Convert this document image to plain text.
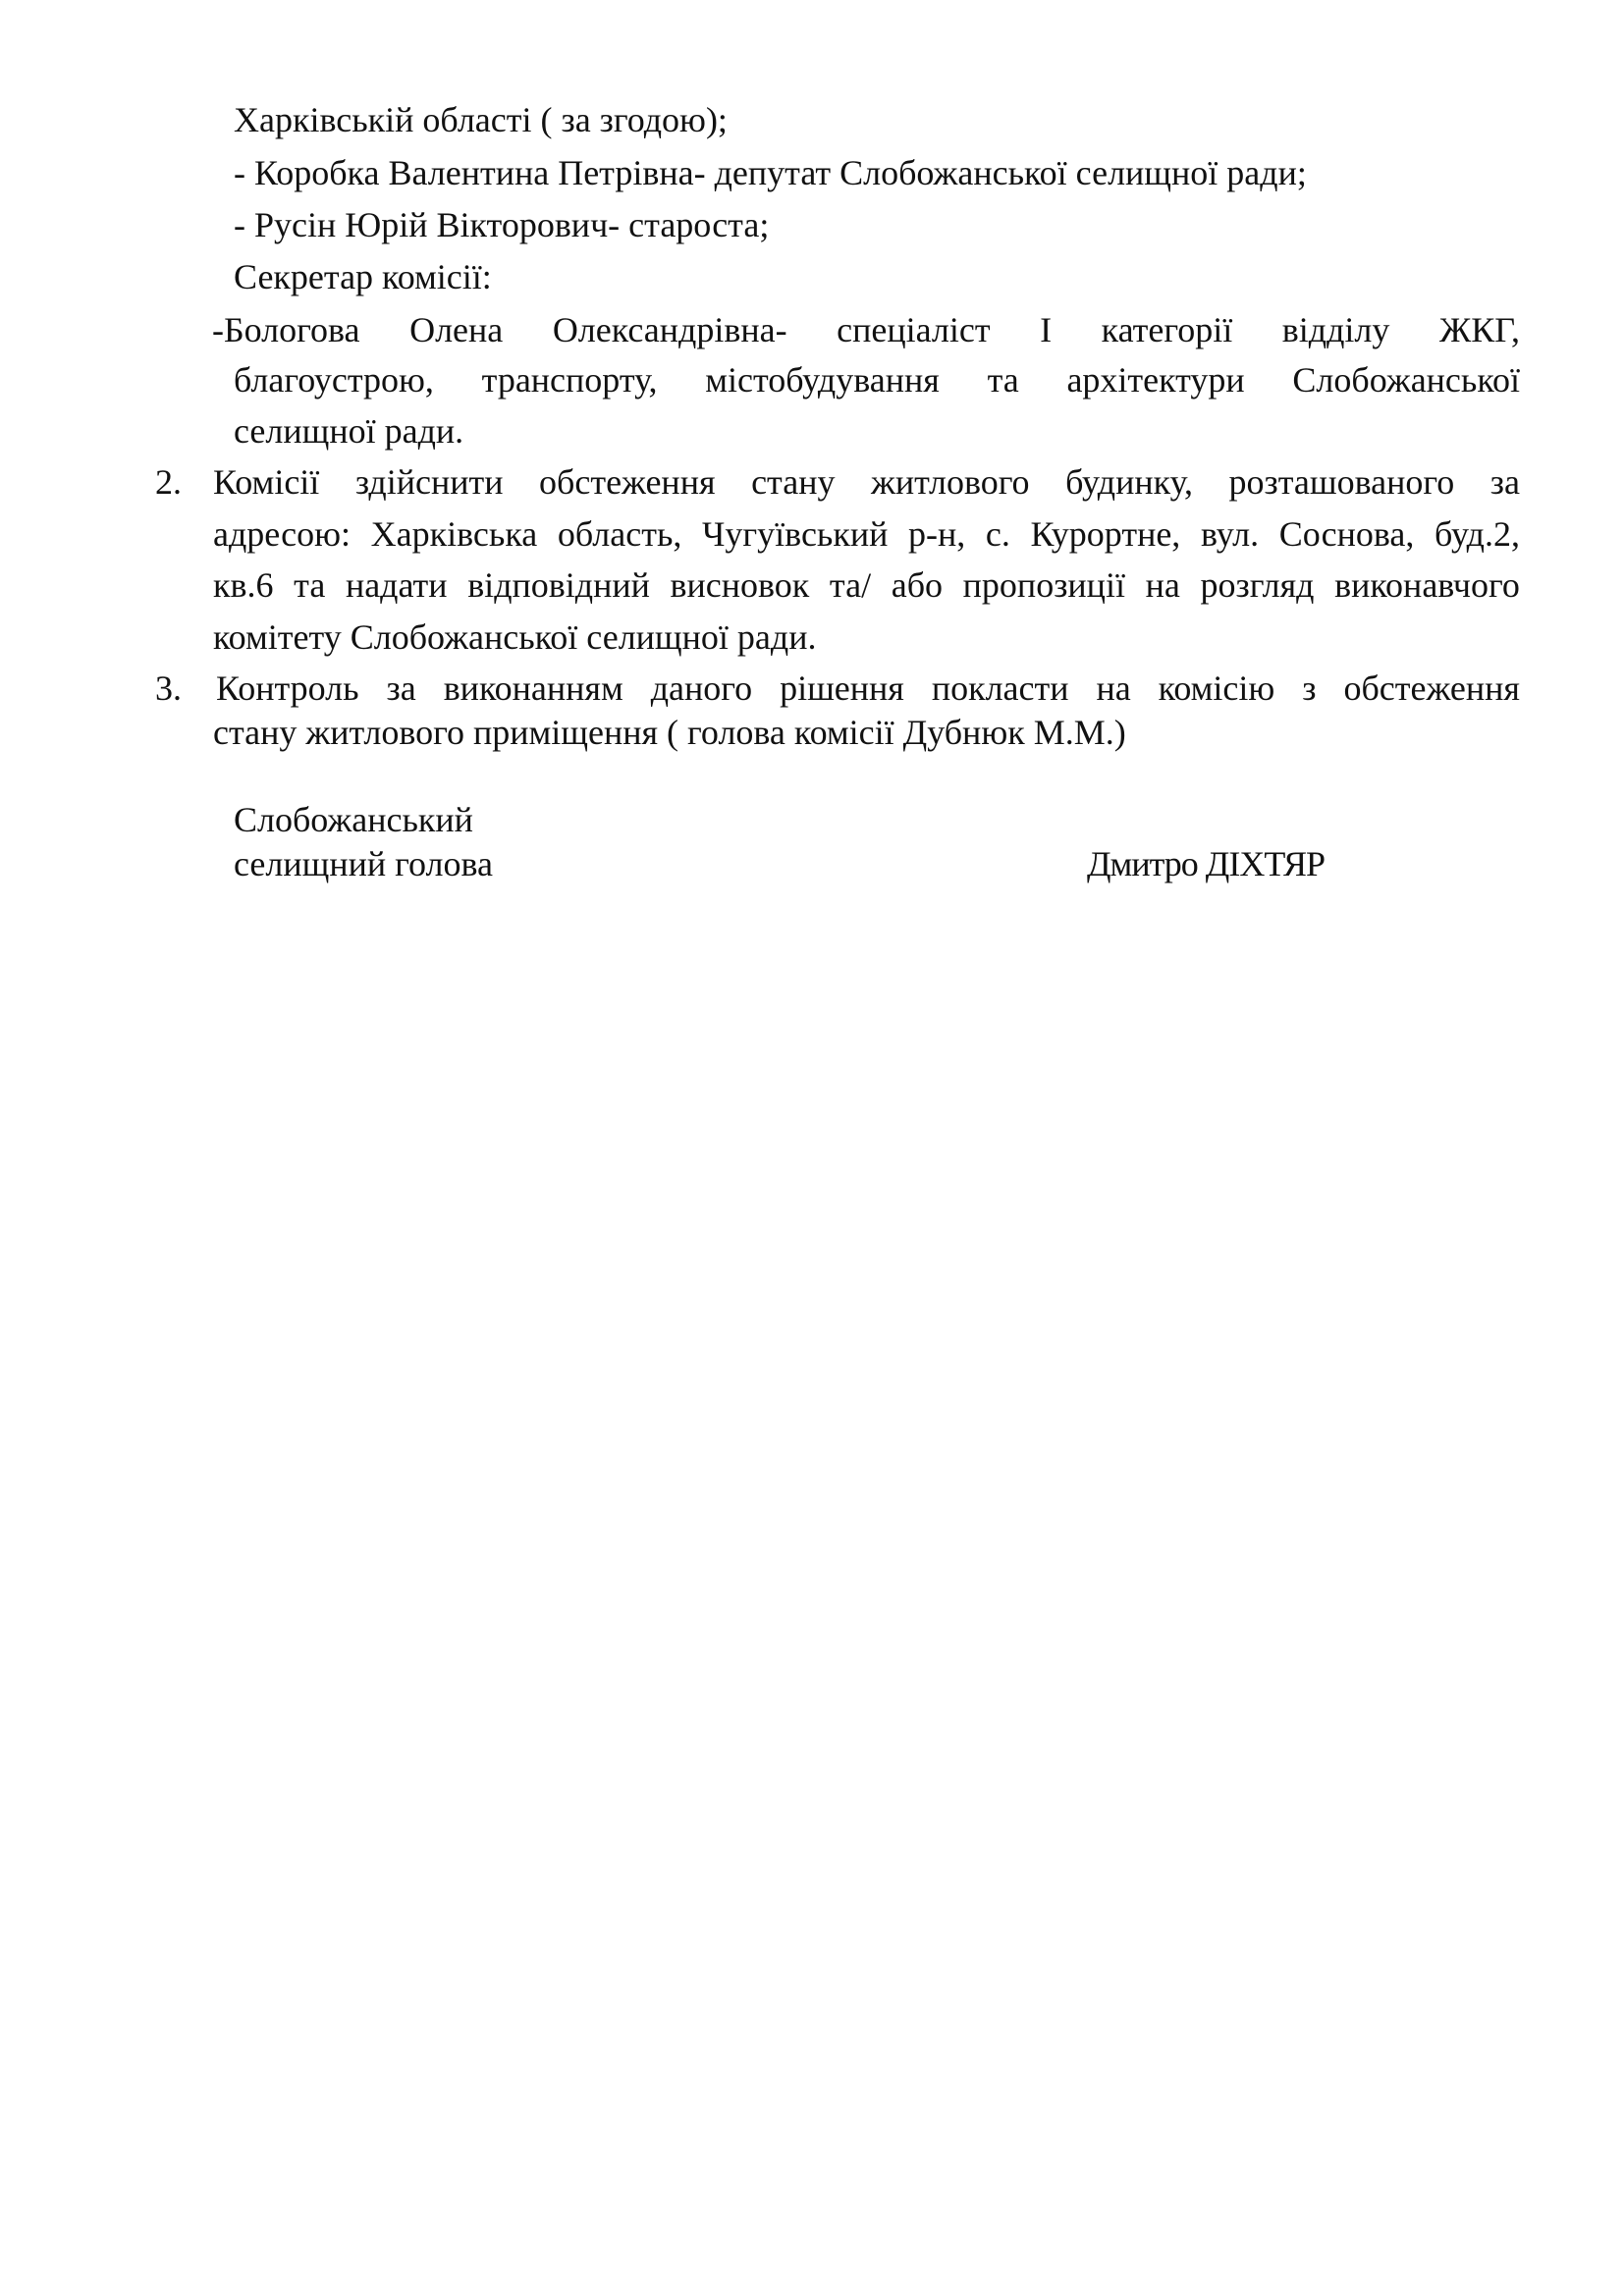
Харківській області ( за згодою);
- Коробка Валентина Петрівна- депутат Слобожанської селищної ради;
- Русін Юрій Вікторович- староста;
Секретар комісії:
-Бологова Олена Олександрівна- спеціаліст І категорії відділу ЖКГ,
благоустрою, транспорту, містобудування та архітектури Слобожанської
селищної ради.
2. Комісії здійснити обстеження стану житлового будинку, розташованого за
адресою: Харківська область, Чугуївський р-н, с. Курортне, вул. Соснова, буд.2,
кв.6 та надати відповідний висновок та/ або пропозиції на розгляд виконавчого
комітету Слобожанської селищної ради.
3. Контроль за виконанням даного рішення покласти на комісію з обстеження
стану житлового приміщення ( голова комісії Дубнюк М.М.)
Слобожанський
селищний голова	Дмитро ДІХТЯР
